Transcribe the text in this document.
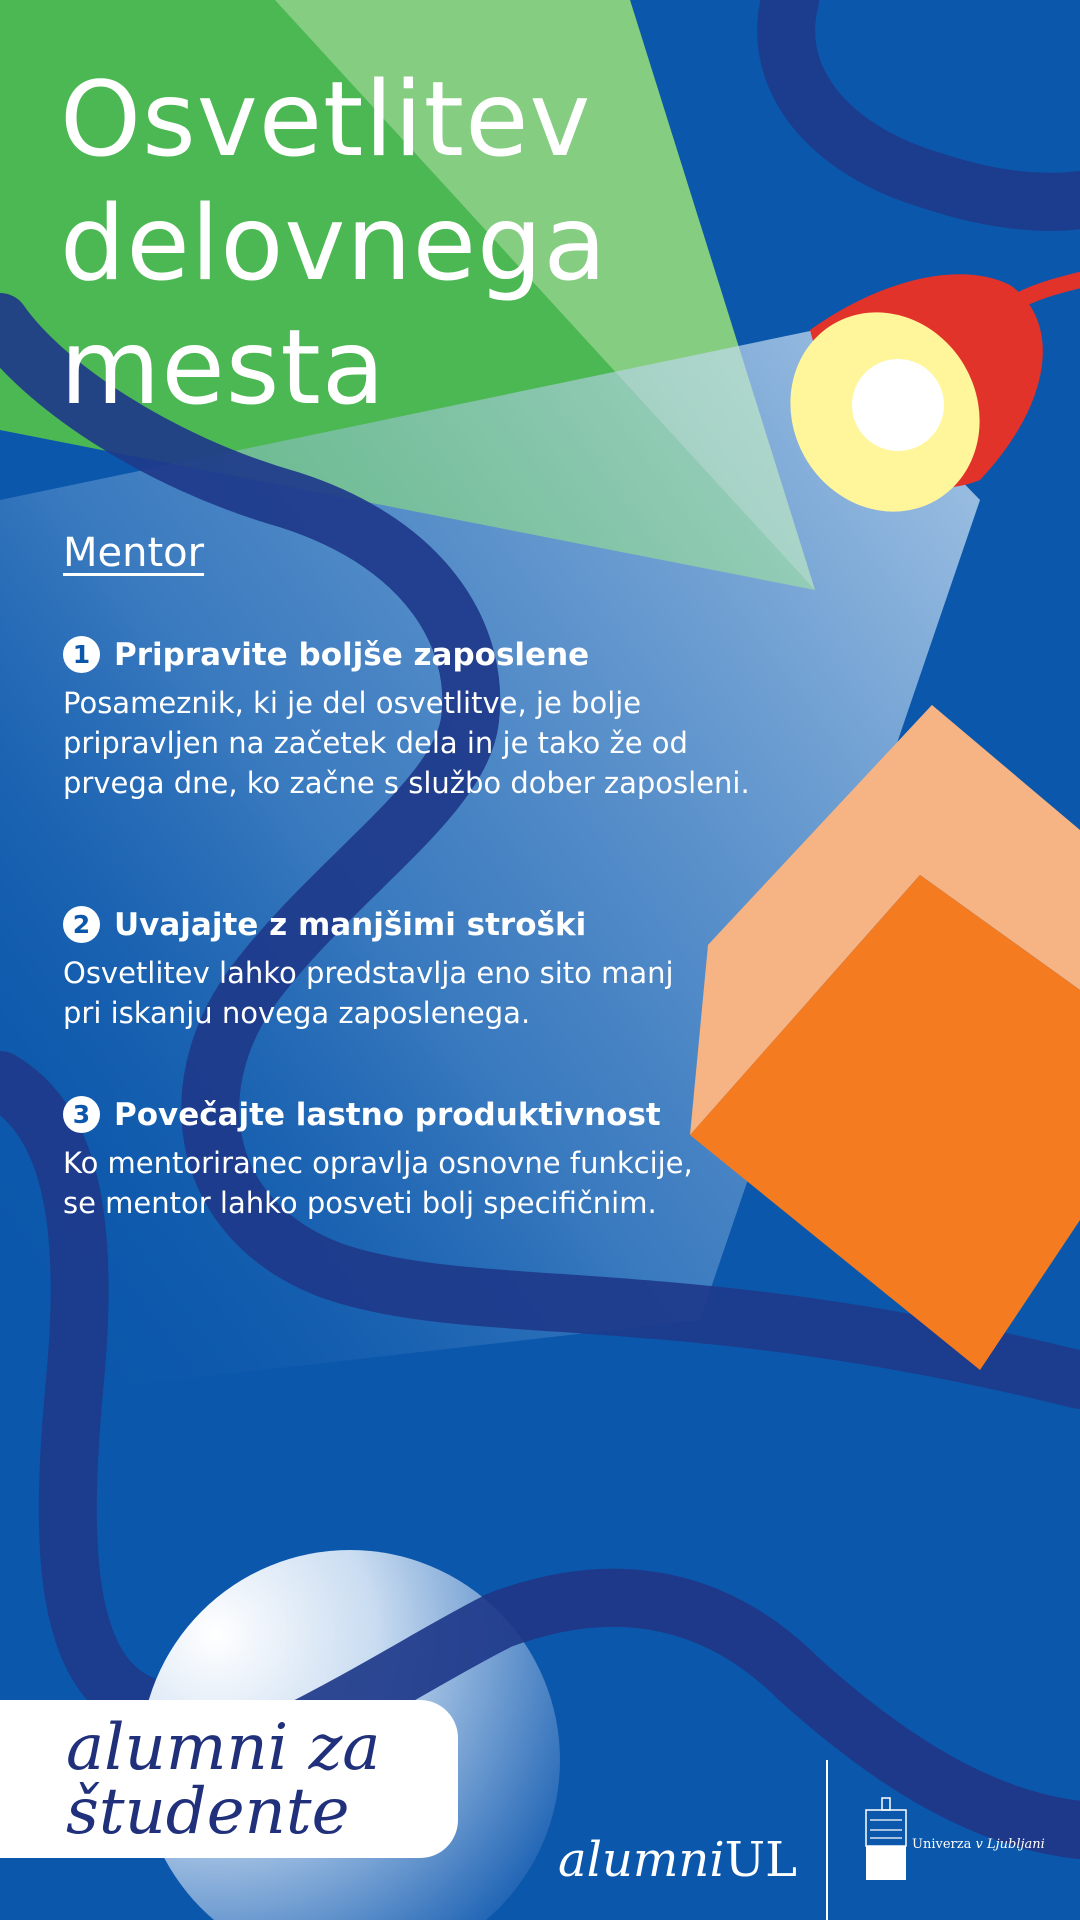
Osvetlitev
delovnega
mesta
Mentor
1 Pripravite boljše zaposlene
Posameznik, ki je del osvetlitve, je bolje pripravljen na začetek dela in je tako že od prvega dne, ko začne s službo dober zaposleni.
2 Uvajajte z manjšimi stroški
Osvetlitev lahko predstavlja eno sito manj pri iskanju novega zaposlenega.
3 Povečajte lastno produktivnost
Ko mentoriranec opravlja osnovne funkcije, se mentor lahko posveti bolj specifičnim.
alumni za
študente
alumniUL	Univerza v Ljubljani
